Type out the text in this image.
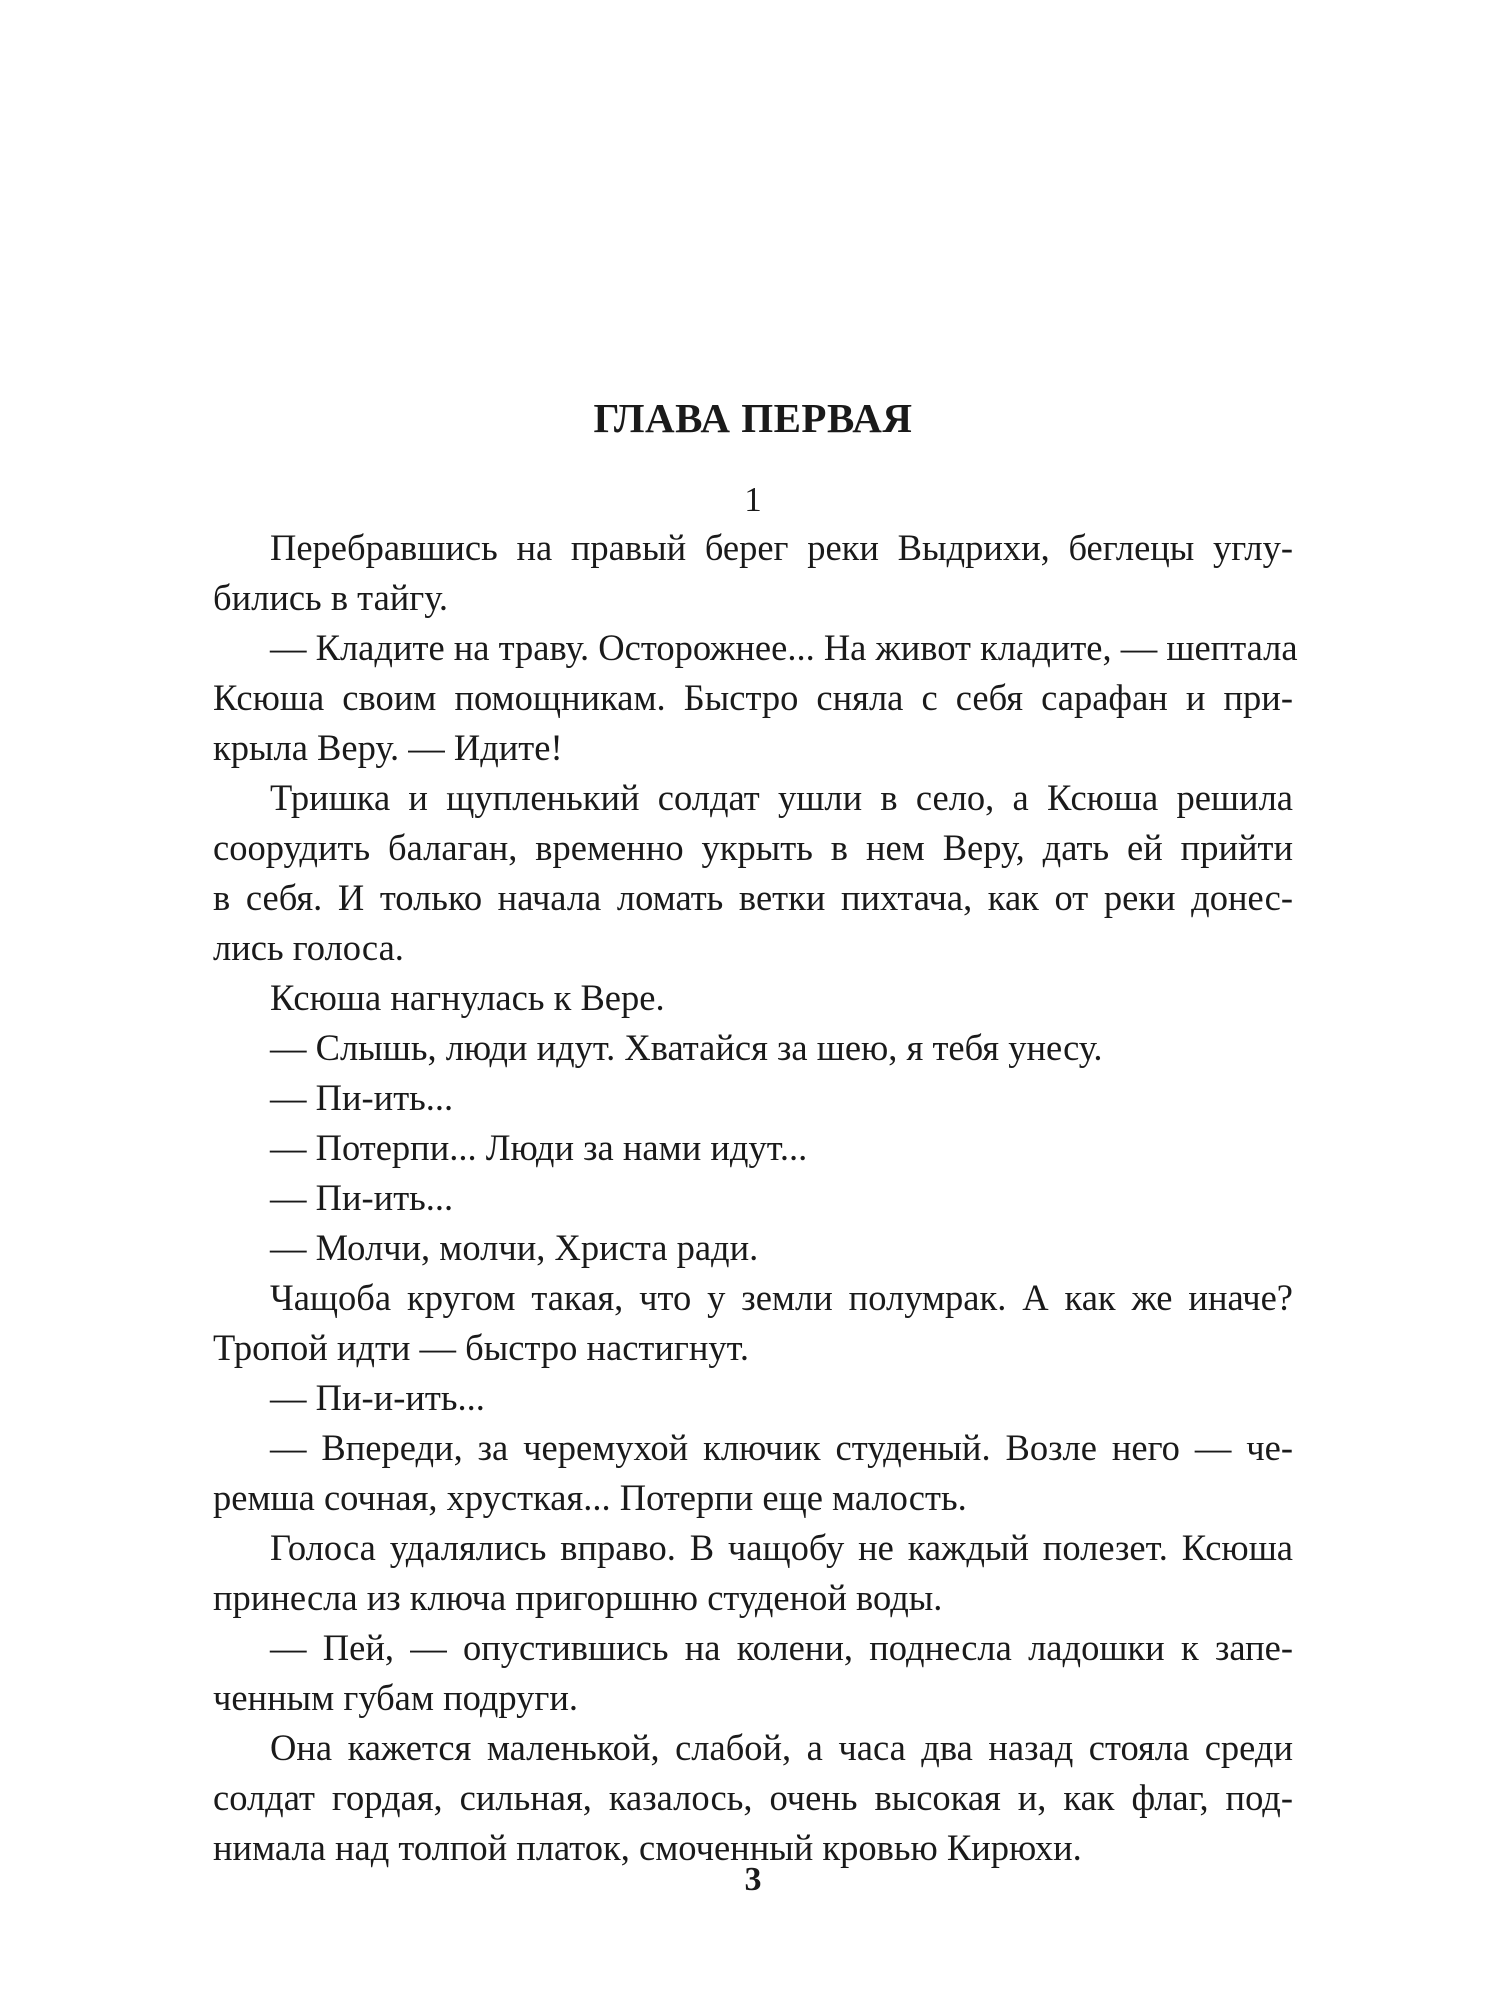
ГЛАВА ПЕРВАЯ
1
Перебравшись на правый берег реки Выдрихи, беглецы углу-
бились в тайгу.
— Кладите на траву. Осторожнее... На живот кладите, — шептала
Ксюша своим помощникам. Быстро сняла с себя сарафан и при-
крыла Веру. — Идите!
Тришка и щупленький солдат ушли в село, а Ксюша решила
соорудить балаган, временно укрыть в нем Веру, дать ей прийти
в себя. И только начала ломать ветки пихтача, как от реки донес-
лись голоса.
Ксюша нагнулась к Вере.
— Слышь, люди идут. Хватайся за шею, я тебя унесу.
— Пи-ить...
— Потерпи... Люди за нами идут...
— Пи-ить...
— Молчи, молчи, Христа ради.
Чащоба кругом такая, что у земли полумрак. А как же иначе?
Тропой идти — быстро настигнут.
— Пи-и-ить...
— Впереди, за черемухой ключик студеный. Возле него — че-
ремша сочная, хрусткая... Потерпи еще малость.
Голоса удалялись вправо. В чащобу не каждый полезет. Ксюша
принесла из ключа пригоршню студеной воды.
— Пей, — опустившись на колени, поднесла ладошки к запе-
ченным губам подруги.
Она кажется маленькой, слабой, а часа два назад стояла среди
солдат гордая, сильная, казалось, очень высокая и, как флаг, под-
нимала над толпой платок, смоченный кровью Кирюхи.
3
